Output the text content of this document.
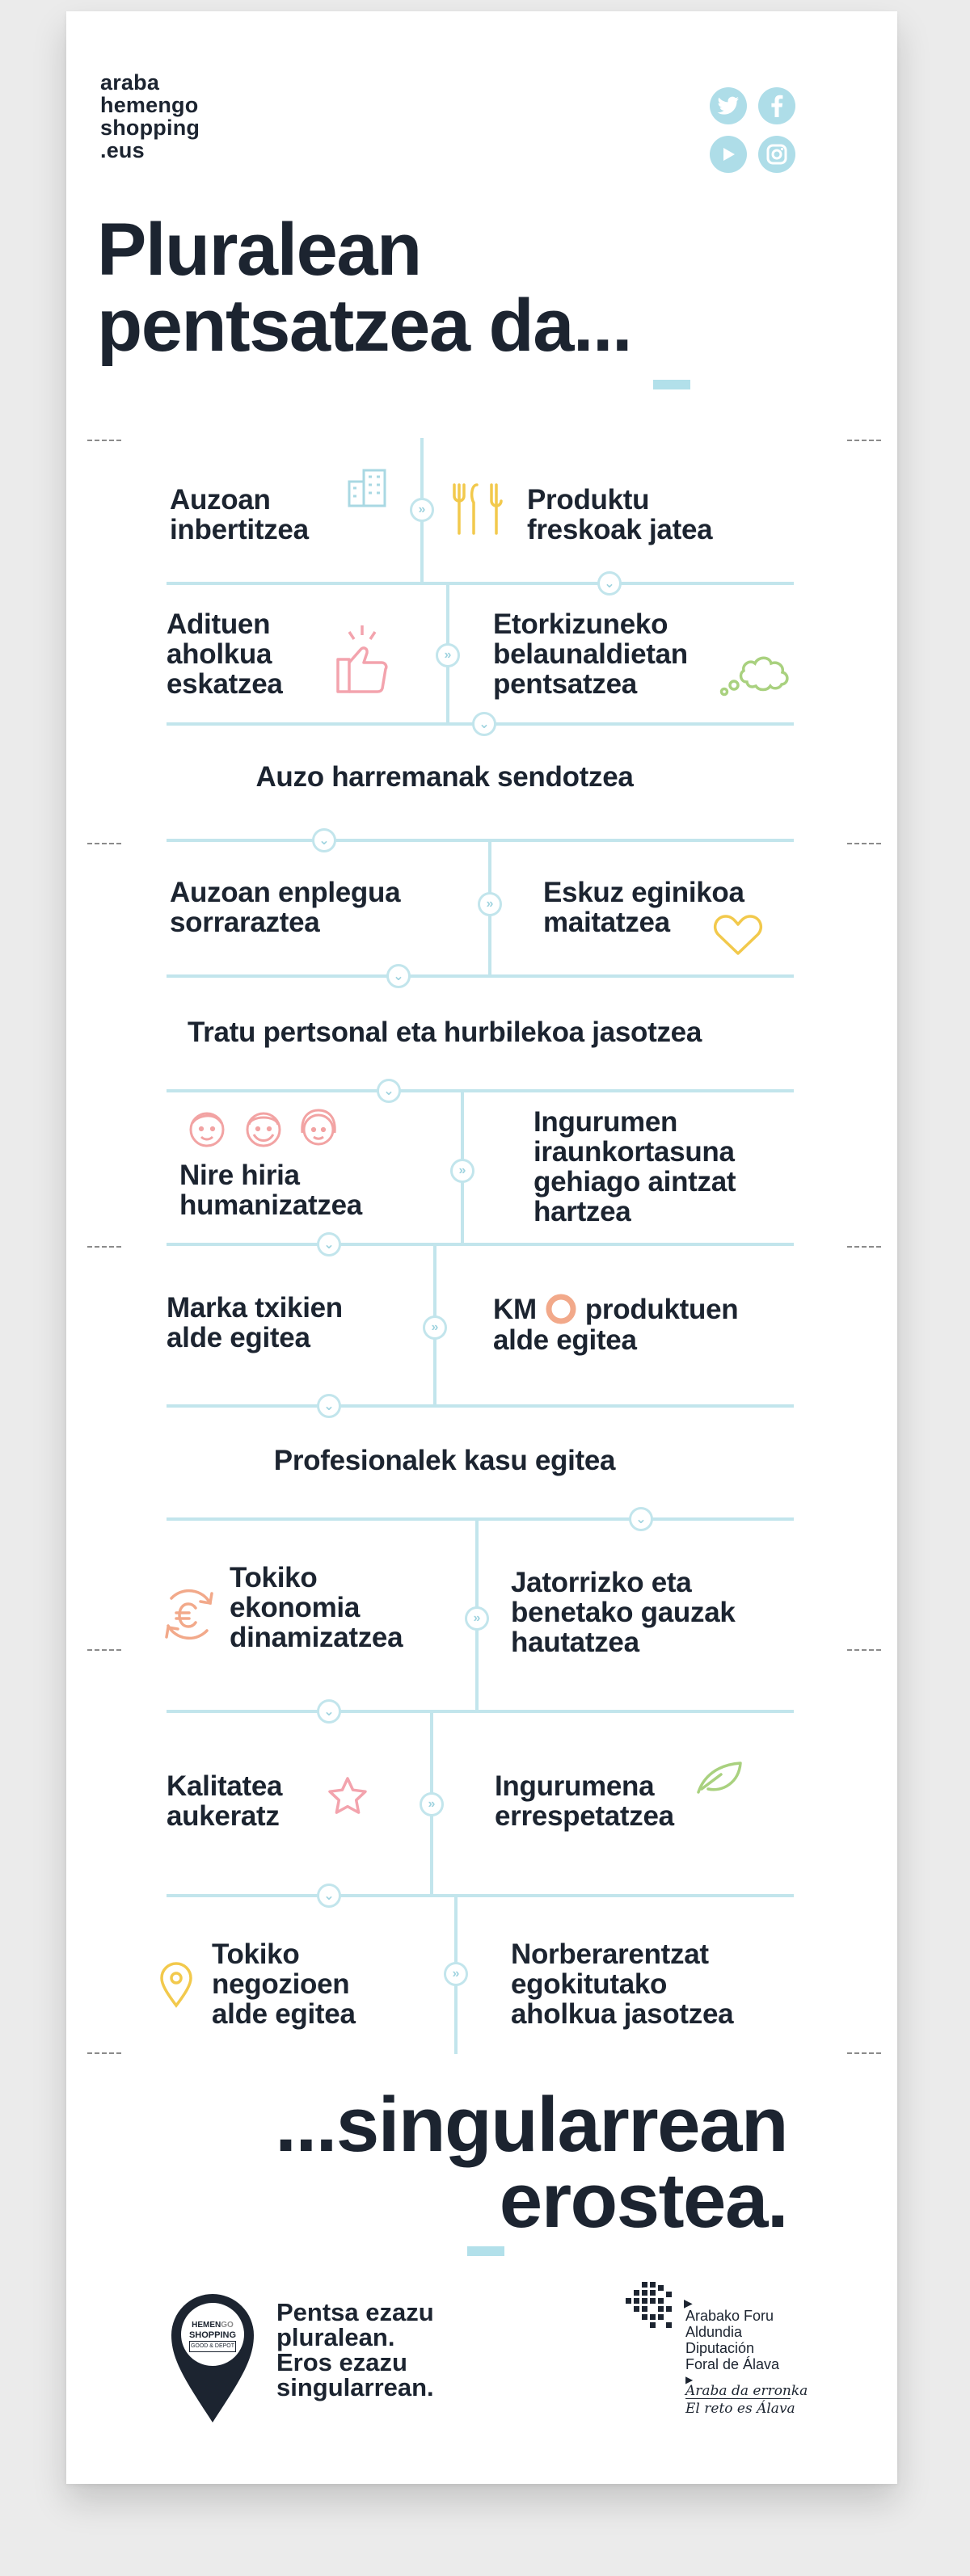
araba
hemengo
shopping
.eus
Pluralean
pentsatzea da...
»
⌄
»
⌄
⌄
»
⌄
⌄
»
⌄
»
⌄
⌄
»
⌄
»
⌄
»
Auzoan
inbertitzea
Produktu
freskoak jatea
Adituen
aholkua
eskatzea
Etorkizuneko
belaunaldietan
pentsatzea
Auzo harremanak sendotzea
Auzoan enplegua
sorraraztea
Eskuz eginikoa
maitatzea
Tratu pertsonal eta hurbilekoa jasotzea
Nire hiria
humanizatzea
Ingurumen
iraunkortasuna
gehiago aintzat
hartzea
Marka txikien
alde egitea
KM produktuen
alde egitea
Profesionalek kasu egitea
Tokiko
ekonomia
dinamizatzea
Jatorrizko eta
benetako gauzak
hautatzea
Kalitatea
aukeratz
Ingurumena
errespetatzea
Tokiko
negozioen
alde egitea
Norberarentzat
egokitutako
aholkua jasotzea
...singularrean
erostea.
HEMENGO
SHOPPING
GOOD & DEPOT
Pentsa ezazu
pluralean.
Eros ezazu
singularrean.
▶
Arabako Foru
Aldundia
Diputación
Foral de Álava
▶
Araba da erronka
El reto es Álava
